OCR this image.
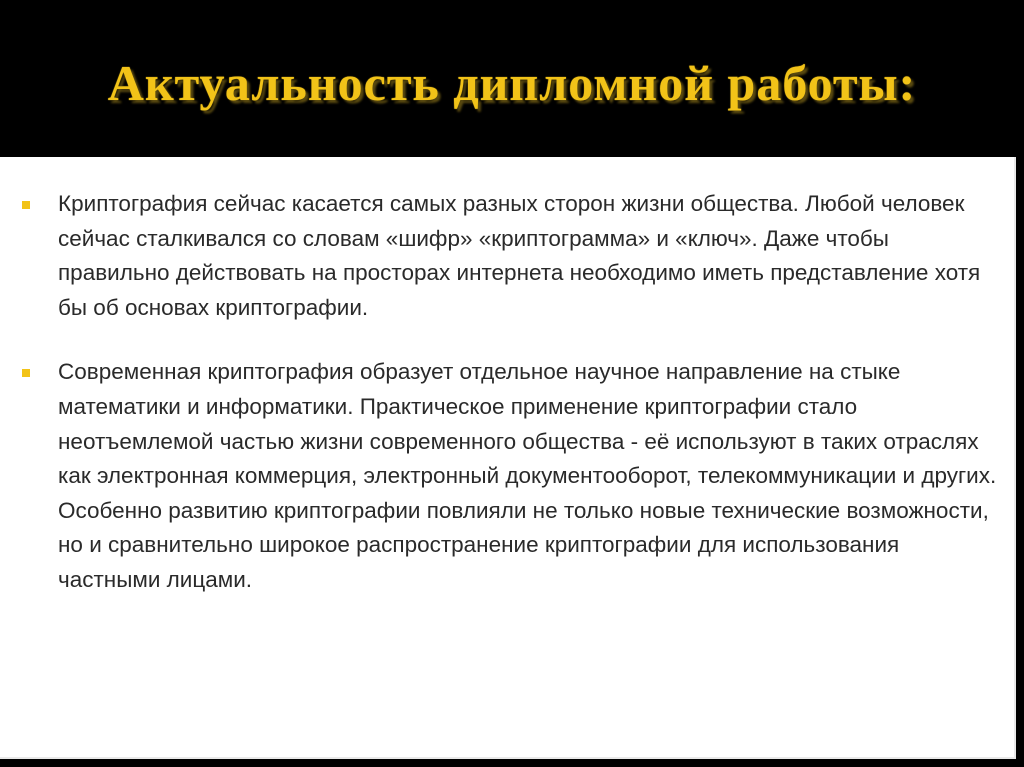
Актуальность дипломной работы:
Криптография сейчас касается самых разных сторон жизни общества. Любой человек сейчас сталкивался со словам «шифр» «криптограмма» и «ключ». Даже чтобы правильно действовать на просторах интернета необходимо иметь представление хотя бы об основах криптографии.
Современная криптография образует отдельное научное направление на стыке математики и информатики. Практическое применение криптографии стало неотъемлемой частью жизни современного общества - её используют в таких отраслях как электронная коммерция, электронный документооборот, телекоммуникации и других. Особенно развитию криптографии повлияли не только новые технические возможности, но и сравнительно широкое распространение криптографии для использования частными лицами.
